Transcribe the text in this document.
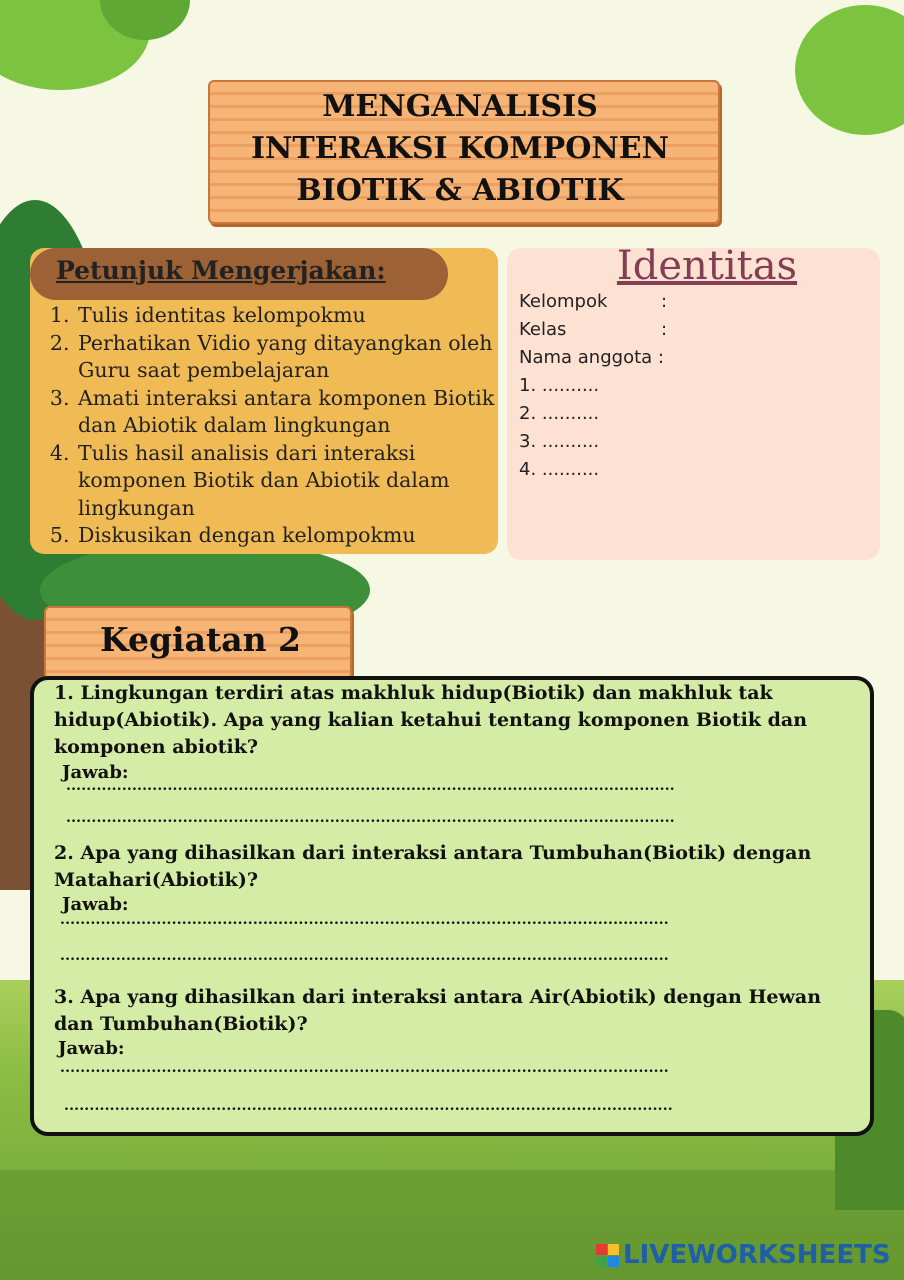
MENGANALISIS
INTERAKSI KOMPONEN
BIOTIK & ABIOTIK
Petunjuk Mengerjakan:
1. Tulis identitas kelompokmu
2. Perhatikan Vidio yang ditayangkan oleh Guru saat pembelajaran
3. Amati interaksi antara komponen Biotik dan Abiotik dalam lingkungan
4. Tulis hasil analisis dari interaksi komponen Biotik dan Abiotik dalam lingkungan
5. Diskusikan dengan kelompokmu
Identitas
Kelompok	:
Kelas	:
Nama anggota :
1. ..........
2. ..........
3. ..........
4. ..........
Kegiatan 2
1. Lingkungan terdiri atas makhluk hidup(Biotik) dan makhluk tak hidup(Abiotik). Apa yang kalian ketahui tentang komponen Biotik dan komponen abiotik?
Jawab:
........................................................................................................................
........................................................................................................................
2. Apa yang dihasilkan dari interaksi antara Tumbuhan(Biotik) dengan Matahari(Abiotik)?
Jawab:
........................................................................................................................
........................................................................................................................
3. Apa yang dihasilkan dari interaksi antara Air(Abiotik) dengan Hewan dan Tumbuhan(Biotik)?
Jawab:
........................................................................................................................
........................................................................................................................
LIVEWORKSHEETS
